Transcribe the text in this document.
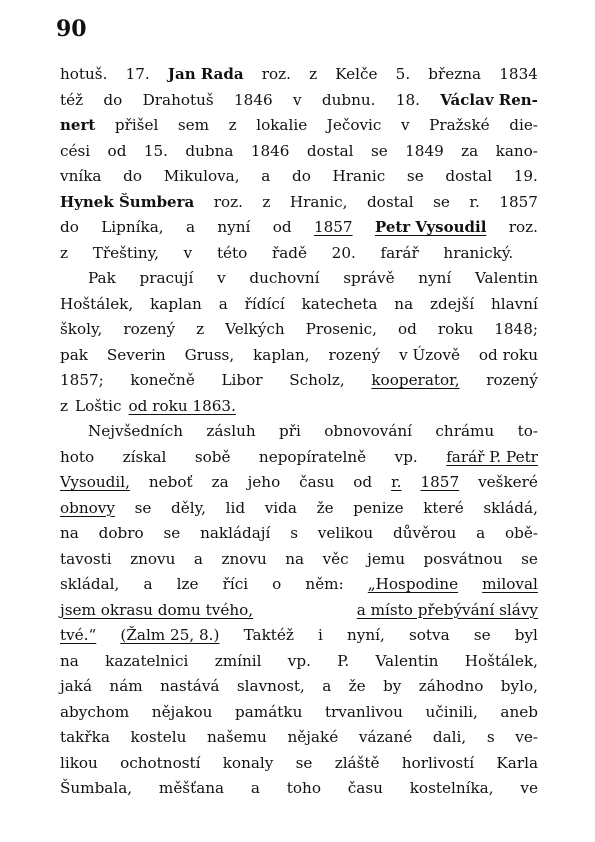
90
hotuš. 17. Jan Rada roz. z Kelče 5. března 1834
též do Drahotuš 1846 v dubnu. 18. Václav Ren-
nert přišel sem z lokalie Ječovic v Pražské die-
cési od 15. dubna 1846 dostal se 1849 za kano-
vníka do Mikulova, a do Hranic se dostal 19.
Hynek Šumbera roz. z Hranic, dostal se r. 1857
do Lipníka, a nyní od 1857 Petr Vysoudil roz.
z Třeštiny, v této řadě 20. farář hranický.
Pak pracují v duchovní správě nyní Valentin
Hoštálek, kaplan a řídící katecheta na zdejší hlavní
školy, rozený z Velkých Prosenic, od roku 1848;
pak Severin Gruss, kaplan, rozený v Úzově od roku
1857; konečně Libor Scholz, kooperator, rozený
z Loštic od roku 1863.
Nejvšedních zásluh při obnovování chrámu to-
hoto získal sobě nepopíratelně vp. farář P. Petr
Vysoudil, neboť za jeho času od r. 1857 veškeré
obnovy se děly, lid vida že penize které skládá,
na dobro se nakládají s velikou důvěrou a obě-
tavosti znovu a znovu na věc jemu posvátnou se
skládal, a lze říci o něm: „Hospodine miloval
jsem okrasu domu tvého,	a místo přebývání slávy
tvé.“ (Žalm 25, 8.) Taktéž i nyní, sotva se byl
na kazatelnici zmínil vp. P. Valentin Hoštálek,
jaká nám nastává slavnost, a že by záhodno bylo,
abychom nějakou památku trvanlivou učinili, aneb
takřka kostelu našemu nějaké vázané dali, s ve-
likou ochotností konaly se zláště horlivostí Karla
Šumbala, měšťana a toho času kostelníka, ve
